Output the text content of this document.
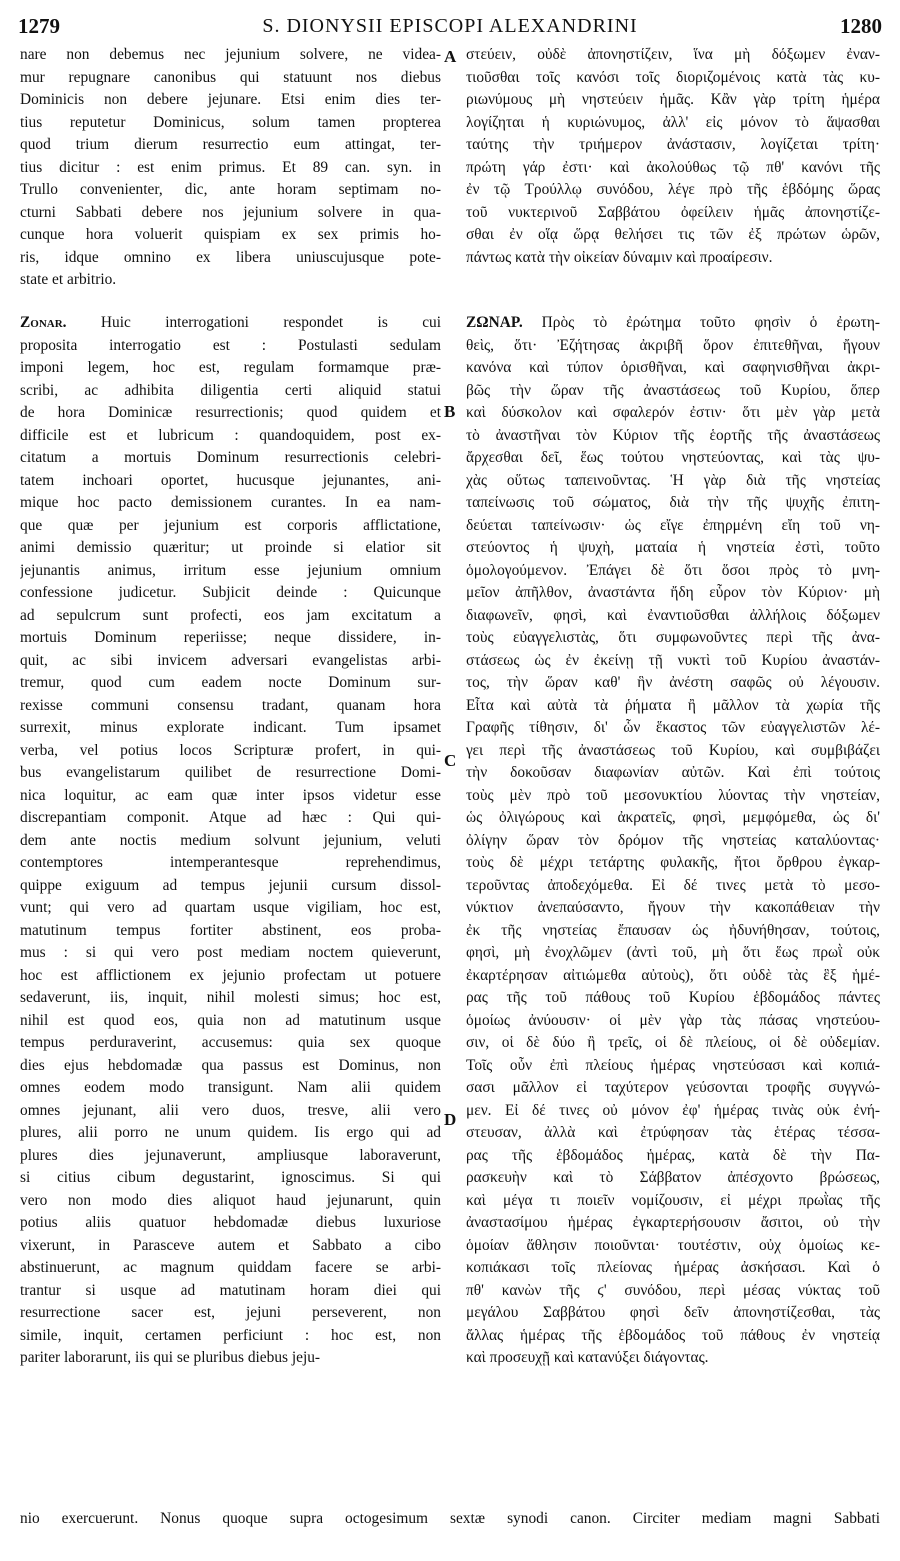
1279	S. DIONYSII EPISCOPI ALEXANDRINI	1280
nare non debemus nec jejunium solvere, ne videa-
mur repugnare canonibus qui statuunt nos diebus
Dominicis non debere jejunare. Etsi enim dies ter-
tius reputetur Dominicus, solum tamen propterea
quod trium dierum resurrectio eum attingat, ter-
tius dicitur : est enim primus. Et 89 can. syn. in
Trullo convenienter, dic, ante horam septimam no-
cturni Sabbati debere nos jejunium solvere in qua-
cunque hora voluerit quispiam ex sex primis ho-
ris, idque omnino ex libera uniuscujusque pote-
state et arbitrio.
Zonar. Huic interrogationi respondet is cui
proposita interrogatio est : Postulasti sedulam
imponi legem, hoc est, regulam formamque præ-
scribi, ac adhibita diligentia certi aliquid statui
de hora Dominicæ resurrectionis; quod quidem et
difficile est et lubricum : quandoquidem, post ex-
citatum a mortuis Dominum resurrectionis celebri-
tatem inchoari oportet, hucusque jejunantes, ani-
mique hoc pacto demissionem curantes. In ea nam-
que quæ per jejunium est corporis afflictatione,
animi demissio quæritur; ut proinde si elatior sit
jejunantis animus, irritum esse jejunium omnium
confessione judicetur. Subjicit deinde : Quicunque
ad sepulcrum sunt profecti, eos jam excitatum a
mortuis Dominum reperiisse; neque dissidere, in-
quit, ac sibi invicem adversari evangelistas arbi-
tremur, quod cum eadem nocte Dominum sur-
rexisse communi consensu tradant, quanam hora
surrexit, minus explorate indicant. Tum ipsamet
verba, vel potius locos Scripturæ profert, in qui-
bus evangelistarum quilibet de resurrectione Domi-
nica loquitur, ac eam quæ inter ipsos videtur esse
discrepantiam componit. Atque ad hæc : Qui qui-
dem ante noctis medium solvunt jejunium, veluti
contemptores intemperantesque reprehendimus,
quippe exiguum ad tempus jejunii cursum dissol-
vunt; qui vero ad quartam usque vigiliam, hoc est,
matutinum tempus fortiter abstinent, eos proba-
mus : si qui vero post mediam noctem quieverunt,
hoc est afflictionem ex jejunio profectam ut potuere
sedaverunt, iis, inquit, nihil molesti simus; hoc est,
nihil est quod eos, quia non ad matutinum usque
tempus perduraverint, accusemus: quia sex quoque
dies ejus hebdomadæ qua passus est Dominus, non
omnes eodem modo transigunt. Nam alii quidem
omnes jejunant, alii vero duos, tresve, alii vero
plures, alii porro ne unum quidem. Iis ergo qui ad
plures dies jejunaverunt, ampliusque laboraverunt,
si citius cibum degustarint, ignoscimus. Si qui
vero non modo dies aliquot haud jejunarunt, quin
potius aliis quatuor hebdomadæ diebus luxuriose
vixerunt, in Parasceve autem et Sabbato a cibo
abstinuerunt, ac magnum quiddam facere se arbi-
trantur si usque ad matutinam horam diei qui
resurrectione sacer est, jejuni perseverent, non
simile, inquit, certamen perficiunt : hoc est, non
pariter laborarunt, iis qui se pluribus diebus jeju-
στεύειν, οὐδὲ ἀπονηστίζειν, ἵνα μὴ δόξωμεν ἐναν-
τιοῦσθαι τοῖς κανόσι τοῖς διοριζομένοις κατὰ τὰς κυ-
ριωνύμους μὴ νηστεύειν ἡμᾶς. Κἂν γὰρ τρίτη ἡμέρα
λογίζηται ἡ κυριώνυμος, ἀλλ' εἰς μόνον τὸ ἅψασθαι
ταύτης τὴν τριήμερον ἀνάστασιν, λογίζεται τρίτη·
πρώτη γάρ ἐστι· καὶ ἀκολούθως τῷ πθ' κανόνι τῆς
ἐν τῷ Τρούλλῳ συνόδου, λέγε πρὸ τῆς ἑβδόμης ὥρας
τοῦ νυκτερινοῦ Σαββάτου ὀφείλειν ἡμᾶς ἀπονηστίζε-
σθαι ἐν οἵᾳ ὥρᾳ θελήσει τις τῶν ἐξ πρώτων ὡρῶν,
πάντως κατὰ τὴν οἰκείαν δύναμιν καὶ προαίρεσιν.
ΖΩΝΑΡ. Πρὸς τὸ ἐρώτημα τοῦτο φησὶν ὁ ἐρωτη-
θεὶς, ὅτι· Ἐζήτησας ἀκριβῆ ὅρον ἐπιτεθῆναι, ἤγουν
κανόνα καὶ τύπον ὁρισθῆναι, καὶ σαφηνισθῆναι ἀκρι-
βῶς τὴν ὥραν τῆς ἀναστάσεως τοῦ Κυρίου, ὅπερ
καὶ δύσκολον καὶ σφαλερόν ἐστιν· ὅτι μὲν γὰρ μετὰ
τὸ ἀναστῆναι τὸν Κύριον τῆς ἑορτῆς τῆς ἀναστάσεως
ἄρχεσθαι δεῖ, ἕως τούτου νηστεύοντας, καὶ τὰς ψυ-
χὰς οὕτως ταπεινοῦντας. Ἡ γὰρ διὰ τῆς νηστείας
ταπείνωσις τοῦ σώματος, διὰ τὴν τῆς ψυχῆς ἐπιτη-
δεύεται ταπείνωσιν· ὡς εἴγε ἐπηρμένη εἴη τοῦ νη-
στεύοντος ἡ ψυχὴ, ματαία ἡ νηστεία ἐστὶ, τοῦτο
ὁμολογούμενον. Ἐπάγει δὲ ὅτι ὅσοι πρὸς τὸ μνη-
μεῖον ἀπῆλθον, ἀναστάντα ἤδη εὗρον τὸν Κύριον· μὴ
διαφωνεῖν, φησὶ, καὶ ἐναντιοῦσθαι ἀλλήλοις δόξωμεν
τοὺς εὐαγγελιστὰς, ὅτι συμφωνοῦντες περὶ τῆς ἀνα-
στάσεως ὡς ἐν ἐκείνῃ τῇ νυκτὶ τοῦ Κυρίου ἀναστάν-
τος, τὴν ὥραν καθ' ἣν ἀνέστη σαφῶς οὐ λέγουσιν.
Εἶτα καὶ αὐτὰ τὰ ῥήματα ἢ μᾶλλον τὰ χωρία τῆς
Γραφῆς τίθησιν, δι' ὧν ἕκαστος τῶν εὐαγγελιστῶν λέ-
γει περὶ τῆς ἀναστάσεως τοῦ Κυρίου, καὶ συμβιβάζει
τὴν δοκοῦσαν διαφωνίαν αὐτῶν. Καὶ ἐπὶ τούτοις
τοὺς μὲν πρὸ τοῦ μεσονυκτίου λύοντας τὴν νηστείαν,
ὡς ὀλιγώρους καὶ ἀκρατεῖς, φησὶ, μεμφόμεθα, ὡς δι'
ὀλίγην ὥραν τὸν δρόμον τῆς νηστείας καταλύοντας·
τοὺς δὲ μέχρι τετάρτης φυλακῆς, ἤτοι ὄρθρου ἐγκαρ-
τεροῦντας ἀποδεχόμεθα. Εἰ δέ τινες μετὰ τὸ μεσο-
νύκτιον ἀνεπαύσαντο, ἤγουν τὴν κακοπάθειαν τὴν
ἐκ τῆς νηστείας ἔπαυσαν ὡς ἠδυνήθησαν, τούτοις,
φησὶ, μὴ ἐνοχλῶμεν (ἀντὶ τοῦ, μὴ ὅτι ἕως πρωῒ οὐκ
ἐκαρτέρησαν αἰτιώμεθα αὐτοὺς), ὅτι οὐδὲ τὰς ἓξ ἡμέ-
ρας τῆς τοῦ πάθους τοῦ Κυρίου ἑβδομάδος πάντες
ὁμοίως ἀνύουσιν· οἱ μὲν γὰρ τὰς πάσας νηστεύου-
σιν, οἱ δὲ δύο ἢ τρεῖς, οἱ δὲ πλείους, οἱ δὲ οὐδεμίαν.
Τοῖς οὖν ἐπὶ πλείους ἡμέρας νηστεύσασι καὶ κοπιά-
σασι μᾶλλον εἰ ταχύτερον γεύσονται τροφῆς συγγνώ-
μεν. Εἰ δέ τινες οὐ μόνον ἐφ' ἡμέρας τινὰς οὐκ ἐνή-
στευσαν, ἀλλὰ καὶ ἐτρύφησαν τὰς ἑτέρας τέσσα-
ρας τῆς ἑβδομάδος ἡμέρας, κατὰ δὲ τὴν Πα-
ρασκευὴν καὶ τὸ Σάββατον ἀπέσχοντο βρώσεως,
καὶ μέγα τι ποιεῖν νομίζουσιν, εἰ μέχρι πρωῒας τῆς
ἀναστασίμου ἡμέρας ἐγκαρτερήσουσιν ἄσιτοι, οὐ τὴν
ὁμοίαν ἄθλησιν ποιοῦνται· τουτέστιν, οὐχ ὁμοίως κε-
κοπιάκασι τοῖς πλείονας ἡμέρας ἀσκήσασι. Καὶ ὁ
πθ' κανὼν τῆς ϛ' συνόδου, περὶ μέσας νύκτας τοῦ
μεγάλου Σαββάτου φησὶ δεῖν ἀπονηστίζεσθαι, τὰς
ἄλλας ἡμέρας τῆς ἑβδομάδος τοῦ πάθους ἐν νηστείᾳ
καὶ προσευχῇ καὶ κατανύξει διάγοντας.
A
B
C
D
nio exercuerunt. Nonus quoque supra octogesimum sextæ synodi canon. Circiter mediam magni Sabbati
